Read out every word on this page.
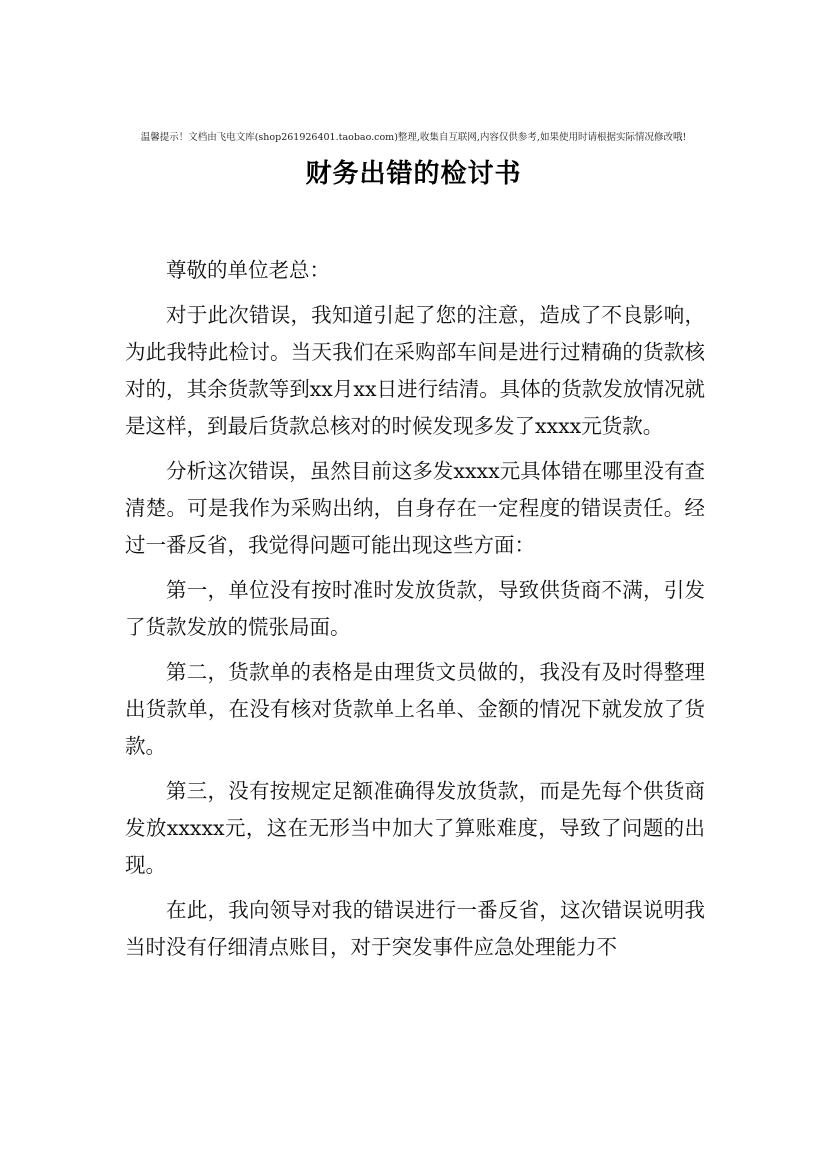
温馨提示！文档由飞电文库(shop261926401.taobao.com)整理,收集自互联网,内容仅供参考,如果使用时请根据实际情况修改哦!
财务出错的检讨书

尊敬的单位老总：

对于此次错误，我知道引起了您的注意，造成了不良影响，为此我特此检讨。当天我们在采购部车间是进行过精确的货款核对的，其余货款等到xx月xx日进行结清。具体的货款发放情况就是这样，到最后货款总核对的时候发现多发了xxxx元货款。

分析这次错误，虽然目前这多发xxxx元具体错在哪里没有查清楚。可是我作为采购出纳，自身存在一定程度的错误责任。经过一番反省，我觉得问题可能出现这些方面：

第一，单位没有按时准时发放货款，导致供货商不满，引发了货款发放的慌张局面。

第二，货款单的表格是由理货文员做的，我没有及时得整理出货款单，在没有核对货款单上名单、金额的情况下就发放了货款。

第三，没有按规定足额准确得发放货款，而是先每个供货商发放xxxxx元，这在无形当中加大了算账难度，导致了问题的出现。

在此，我向领导对我的错误进行一番反省，这次错误说明我当时没有仔细清点账目，对于突发事件应急处理能力不
